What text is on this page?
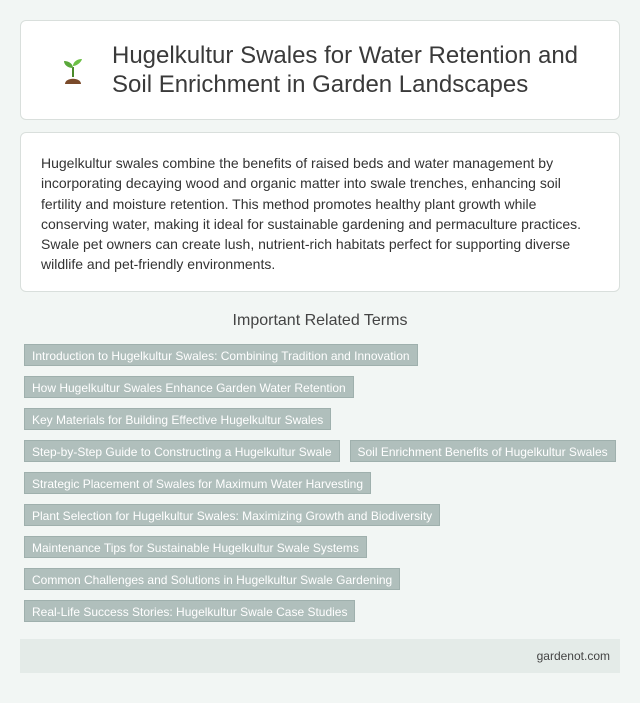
Hugelkultur Swales for Water Retention and Soil Enrichment in Garden Landscapes

Hugelkultur swales combine the benefits of raised beds and water management by incorporating decaying wood and organic matter into swale trenches, enhancing soil fertility and moisture retention. This method promotes healthy plant growth while conserving water, making it ideal for sustainable gardening and permaculture practices. Swale pet owners can create lush, nutrient-rich habitats perfect for supporting diverse wildlife and pet-friendly environments.

Important Related Terms
Introduction to Hugelkultur Swales: Combining Tradition and Innovation
How Hugelkultur Swales Enhance Garden Water Retention
Key Materials for Building Effective Hugelkultur Swales
Step-by-Step Guide to Constructing a Hugelkultur Swale	Soil Enrichment Benefits of Hugelkultur Swales
Strategic Placement of Swales for Maximum Water Harvesting
Plant Selection for Hugelkultur Swales: Maximizing Growth and Biodiversity
Maintenance Tips for Sustainable Hugelkultur Swale Systems
Common Challenges and Solutions in Hugelkultur Swale Gardening
Real-Life Success Stories: Hugelkultur Swale Case Studies
gardenot.com
